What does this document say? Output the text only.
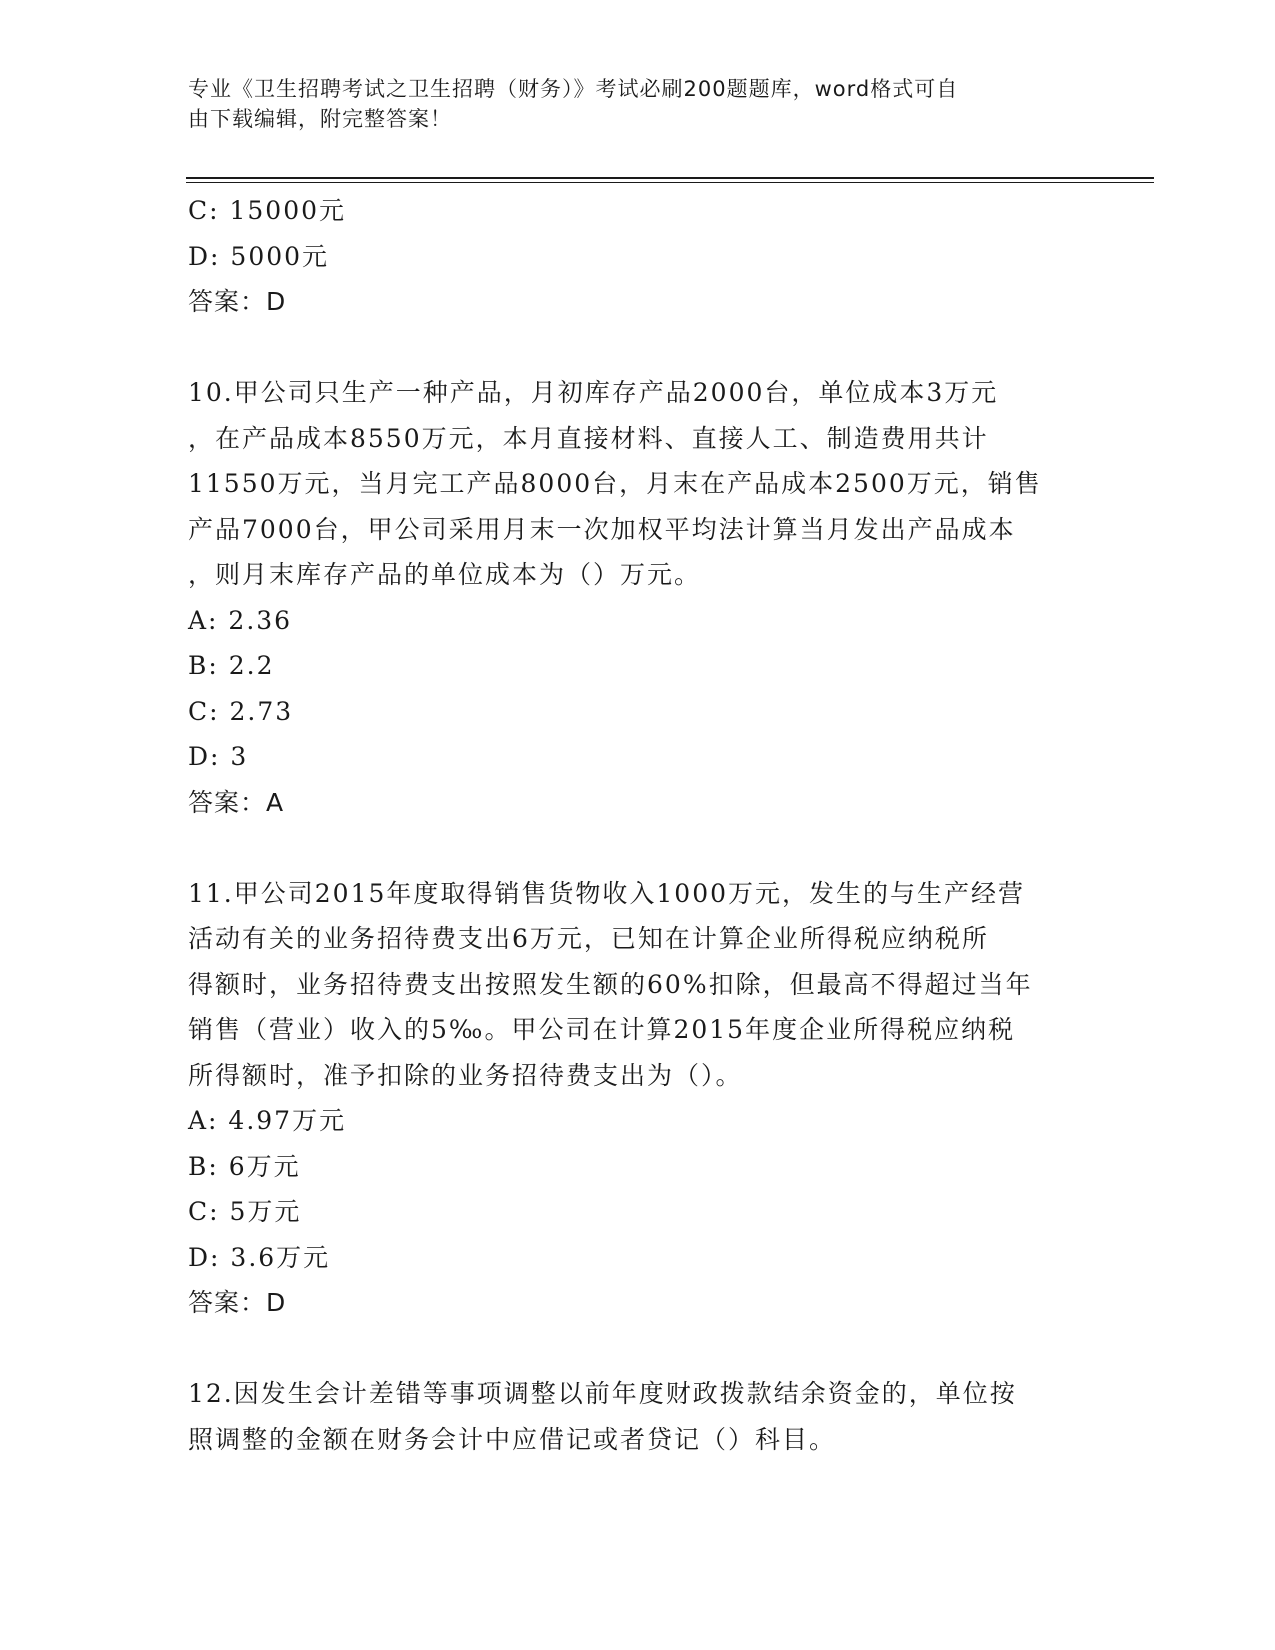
专业《卫生招聘考试之卫生招聘（财务）》考试必刷200题题库，word格式可自
由下载编辑，附完整答案！
C: 15000元
D: 5000元
答案：D
10.甲公司只生产一种产品，月初库存产品2000台，单位成本3万元
，在产品成本8550万元，本月直接材料、直接人工、制造费用共计
11550万元，当月完工产品8000台，月末在产品成本2500万元，销售
产品7000台，甲公司采用月末一次加权平均法计算当月发出产品成本
，则月末库存产品的单位成本为（）万元。
A: 2.36
B: 2.2
C: 2.73
D: 3
答案：A
11.甲公司2015年度取得销售货物收入1000万元，发生的与生产经营
活动有关的业务招待费支出6万元，已知在计算企业所得税应纳税所
得额时，业务招待费支出按照发生额的60%扣除，但最高不得超过当年
销售（营业）收入的5‰。甲公司在计算2015年度企业所得税应纳税
所得额时，准予扣除的业务招待费支出为（）。
A: 4.97万元
B: 6万元
C: 5万元
D: 3.6万元
答案：D
12.因发生会计差错等事项调整以前年度财政拨款结余资金的，单位按
照调整的金额在财务会计中应借记或者贷记（）科目。
